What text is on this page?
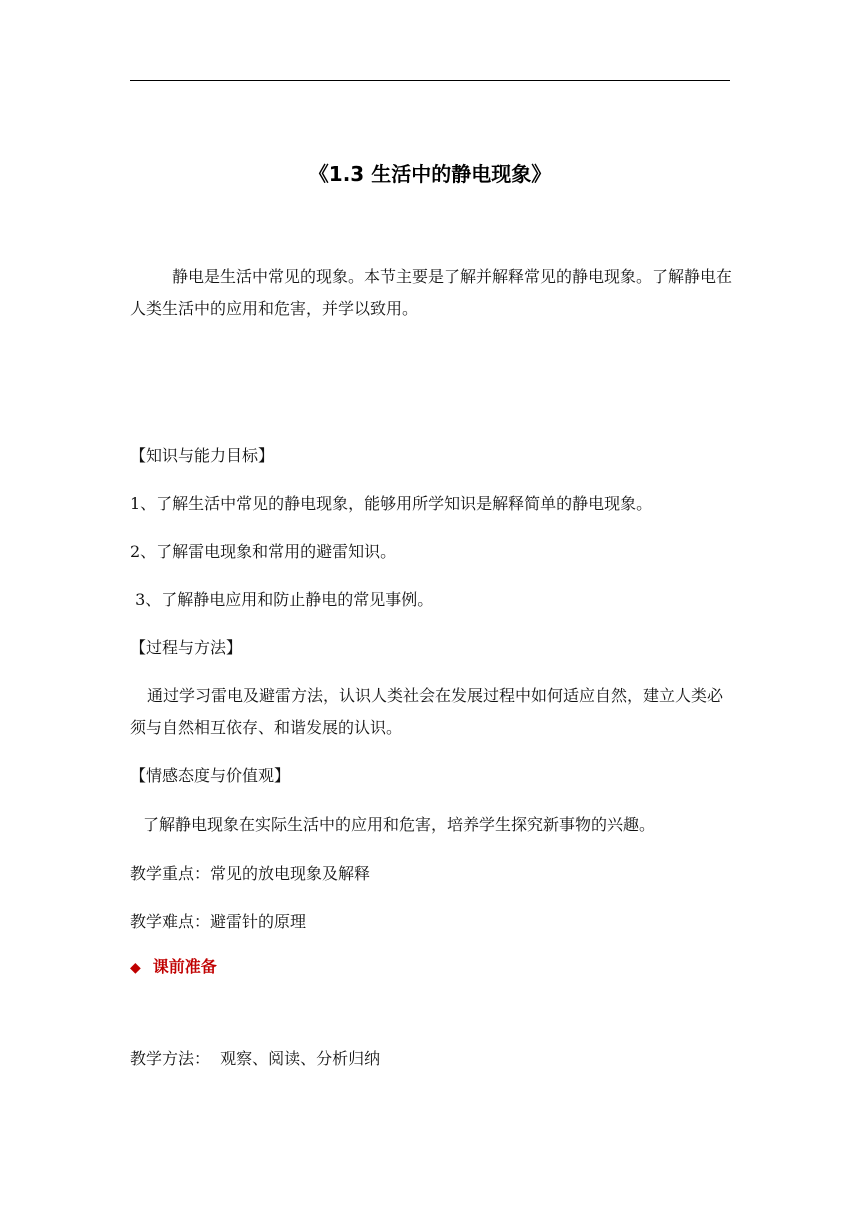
《1.3 生活中的静电现象》
静电是生活中常见的现象。本节主要是了解并解释常见的静电现象。了解静电在人类生活中的应用和危害，并学以致用。
【知识与能力目标】
1、了解生活中常见的静电现象，能够用所学知识是解释简单的静电现象。
2、了解雷电现象和常用的避雷知识。
3、了解静电应用和防止静电的常见事例。
【过程与方法】
通过学习雷电及避雷方法，认识人类社会在发展过程中如何适应自然，建立人类必须与自然相互依存、和谐发展的认识。
【情感态度与价值观】
了解静电现象在实际生活中的应用和危害，培养学生探究新事物的兴趣。
教学重点：常见的放电现象及解释
教学难点：避雷针的原理
◆ 课前准备
教学方法：  观察、阅读、分析归纳
